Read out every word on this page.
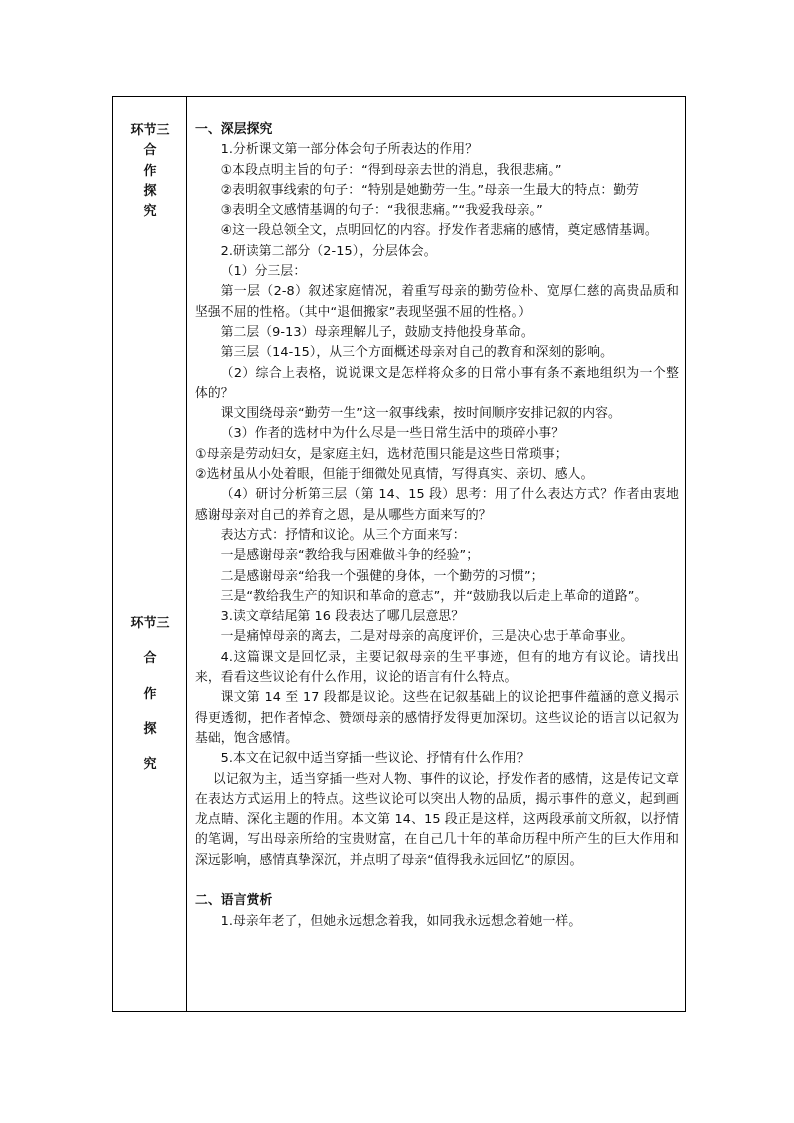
环节三
合
作
探
究
环节三
合
作
探
究

一、深层探究

1.分析课文第一部分体会句子所表达的作用？

①本段点明主旨的句子：“得到母亲去世的消息，我很悲痛。”

②表明叙事线索的句子：“特别是她勤劳一生。”母亲一生最大的特点：勤劳

③表明全文感情基调的句子：“我很悲痛。”“我爱我母亲。”

④这一段总领全文，点明回忆的内容。抒发作者悲痛的感情，奠定感情基调。

2.研读第二部分（2-15），分层体会。

（1）分三层：

第一层（2-8）叙述家庭情况，着重写母亲的勤劳俭朴、宽厚仁慈的高贵品质和坚强不屈的性格。（其中“退佃搬家”表现坚强不屈的性格。）

第二层（9-13）母亲理解儿子，鼓励支持他投身革命。

第三层（14-15），从三个方面概述母亲对自己的教育和深刻的影响。

（2）综合上表格，说说课文是怎样将众多的日常小事有条不紊地组织为一个整体的？

课文围绕母亲“勤劳一生”这一叙事线索，按时间顺序安排记叙的内容。

（3）作者的选材中为什么尽是一些日常生活中的琐碎小事？

①母亲是劳动妇女，是家庭主妇，选材范围只能是这些日常琐事；

②选材虽从小处着眼，但能于细微处见真情，写得真实、亲切、感人。

（4）研讨分析第三层（第 14、15 段）思考：用了什么表达方式？作者由衷地感谢母亲对自己的养育之恩，是从哪些方面来写的？

表达方式：抒情和议论。从三个方面来写：

一是感谢母亲“教给我与困难做斗争的经验”；

二是感谢母亲“给我一个强健的身体，一个勤劳的习惯”；

三是“教给我生产的知识和革命的意志”，并“鼓励我以后走上革命的道路”。

3.读文章结尾第 16 段表达了哪几层意思？

一是痛悼母亲的离去，二是对母亲的高度评价，三是决心忠于革命事业。

4.这篇课文是回忆录，主要记叙母亲的生平事迹，但有的地方有议论。请找出来，看看这些议论有什么作用，议论的语言有什么特点。

课文第 14 至 17 段都是议论。这些在记叙基础上的议论把事件蕴涵的意义揭示得更透彻，把作者悼念、赞颂母亲的感情抒发得更加深切。这些议论的语言以记叙为基础，饱含感情。

5.本文在记叙中适当穿插一些议论、抒情有什么作用？

以记叙为主，适当穿插一些对人物、事件的议论，抒发作者的感情，这是传记文章在表达方式运用上的特点。这些议论可以突出人物的品质，揭示事件的意义，起到画龙点睛、深化主题的作用。本文第 14、15 段正是这样，这两段承前文所叙，以抒情的笔调，写出母亲所给的宝贵财富，在自己几十年的革命历程中所产生的巨大作用和深远影响，感情真挚深沉，并点明了母亲“值得我永远回忆”的原因。

二、语言赏析

1.母亲年老了，但她永远想念着我，如同我永远想念着她一样。
